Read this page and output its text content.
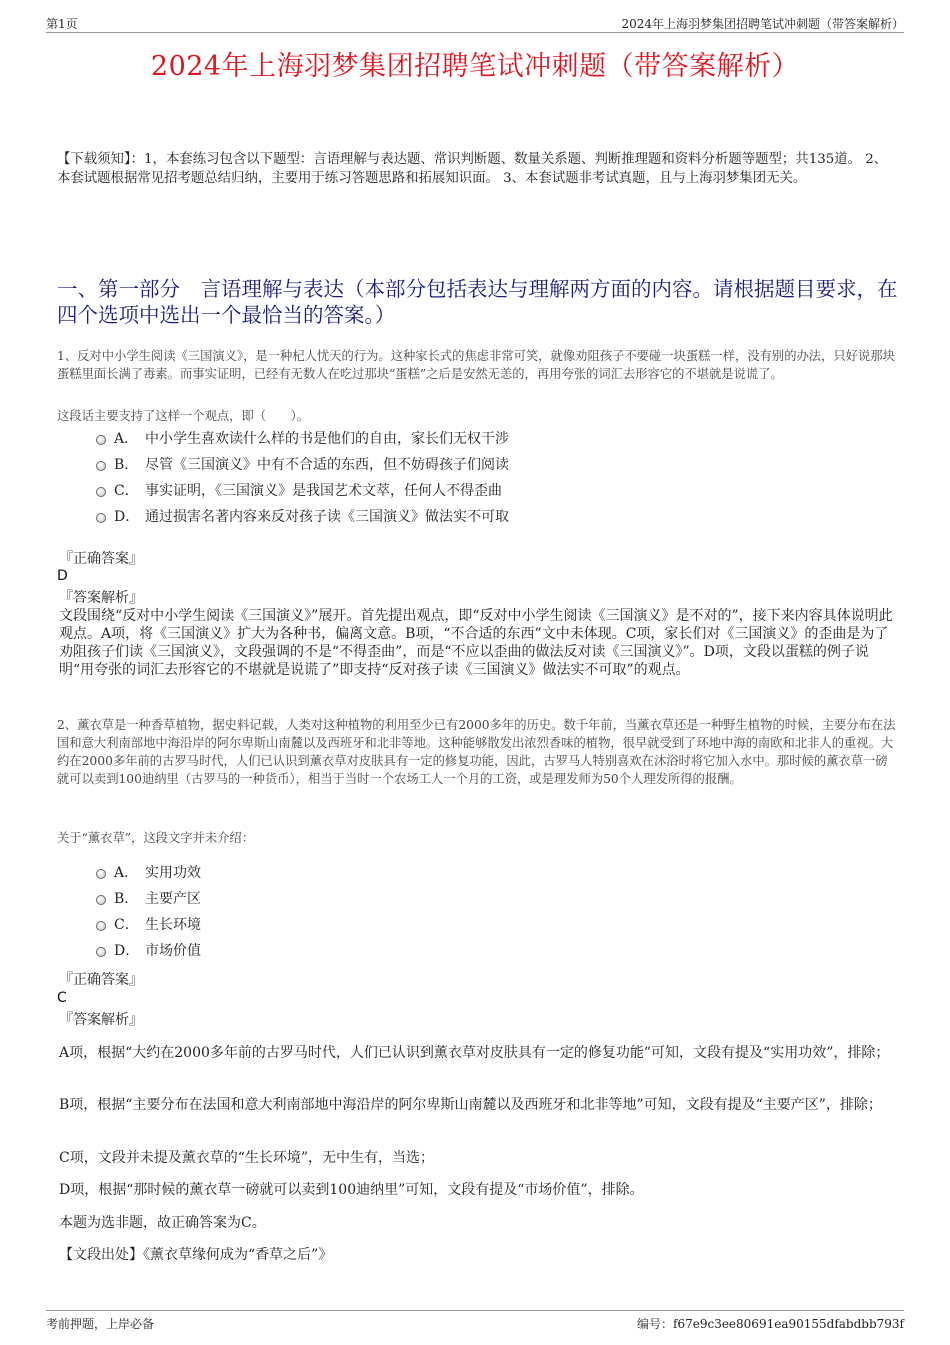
第1页	2024年上海羽梦集团招聘笔试冲刺题（带答案解析）
2024年上海羽梦集团招聘笔试冲刺题（带答案解析）
【下载须知】：1，本套练习包含以下题型：言语理解与表达题、常识判断题、数量关系题、判断推理题和资料分析题等题型；共135道。 2、本套试题根据常见招考题总结归纳，主要用于练习答题思路和拓展知识面。 3、本套试题非考试真题，且与上海羽梦集团无关。
一、第一部分　言语理解与表达（本部分包括表达与理解两方面的内容。请根据题目要求，在四个选项中选出一个最恰当的答案。）
1、反对中小学生阅读《三国演义》，是一种杞人忧天的行为。这种家长式的焦虑非常可笑，就像劝阻孩子不要碰一块蛋糕一样，没有别的办法，只好说那块蛋糕里面长满了毒素。而事实证明，已经有无数人在吃过那块“蛋糕”之后是安然无恙的，再用夸张的词汇去形容它的不堪就是说谎了。
这段话主要支持了这样一个观点，即（　　）。
A． 中小学生喜欢读什么样的书是他们的自由，家长们无权干涉
B． 尽管《三国演义》中有不合适的东西，但不妨碍孩子们阅读
C． 事实证明，《三国演义》是我国艺术文萃，任何人不得歪曲
D． 通过损害名著内容来反对孩子读《三国演义》做法实不可取
『正确答案』
D
『答案解析』
文段围绕“反对中小学生阅读《三国演义》”展开。首先提出观点，即“反对中小学生阅读《三国演义》是不对的”，接下来内容具体说明此观点。A项，将《三国演义》扩大为各种书，偏离文意。B项，“不合适的东西”文中未体现。C项，家长们对《三国演义》的歪曲是为了劝阻孩子们读《三国演义》，文段强调的不是“不得歪曲”，而是“不应以歪曲的做法反对读《三国演义》”。D项，文段以蛋糕的例子说明“用夸张的词汇去形容它的不堪就是说谎了”即支持“反对孩子读《三国演义》做法实不可取”的观点。
2、薰衣草是一种香草植物，据史料记载，人类对这种植物的利用至少已有2000多年的历史。数千年前，当薰衣草还是一种野生植物的时候，主要分布在法国和意大利南部地中海沿岸的阿尔卑斯山南麓以及西班牙和北非等地。这种能够散发出浓烈香味的植物，很早就受到了环地中海的南欧和北非人的重视。大约在2000多年前的古罗马时代，人们已认识到薰衣草对皮肤具有一定的修复功能，因此，古罗马人特别喜欢在沐浴时将它加入水中。那时候的薰衣草一磅就可以卖到100迪纳里（古罗马的一种货币），相当于当时一个农场工人一个月的工资，或是理发师为50个人理发所得的报酬。
关于“薰衣草”，这段文字并未介绍：
A． 实用功效
B． 主要产区
C． 生长环境
D． 市场价值
『正确答案』
C
『答案解析』
A项，根据“大约在2000多年前的古罗马时代，人们已认识到薰衣草对皮肤具有一定的修复功能”可知，文段有提及“实用功效”，排除；
B项，根据“主要分布在法国和意大利南部地中海沿岸的阿尔卑斯山南麓以及西班牙和北非等地”可知，文段有提及“主要产区”，排除；
C项，文段并未提及薰衣草的“生长环境”，无中生有，当选；
D项，根据“那时候的薰衣草一磅就可以卖到100迪纳里”可知，文段有提及“市场价值”，排除。
本题为选非题，故正确答案为C。
【文段出处】《薰衣草缘何成为“香草之后”》
考前押题，上岸必备	编号：f67e9c3ee80691ea90155dfabdbb793f
